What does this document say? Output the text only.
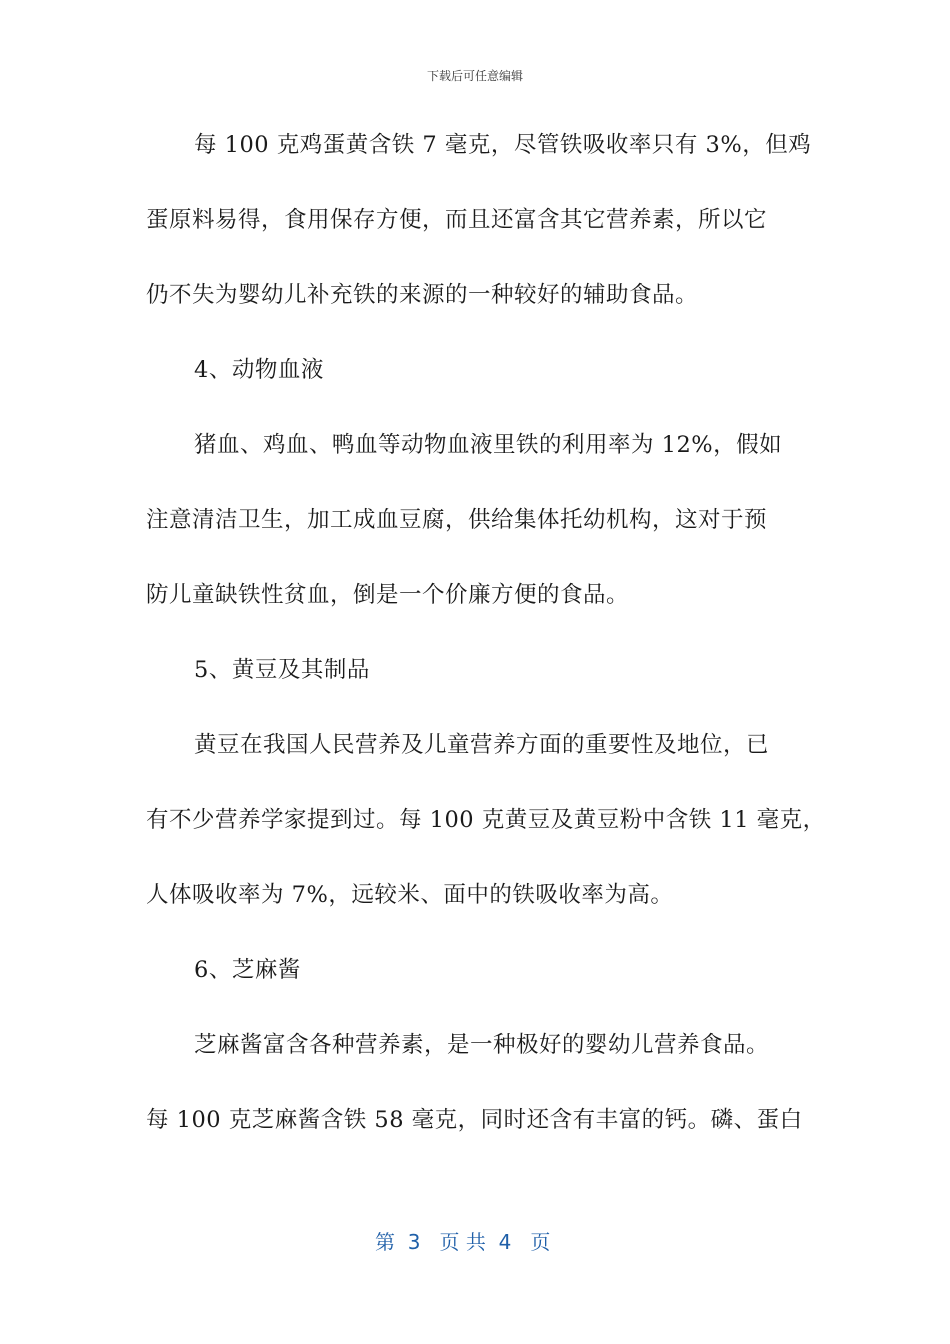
下载后可任意编辑
每 100 克鸡蛋黄含铁 7 毫克，尽管铁吸收率只有 3%，但鸡
蛋原料易得，食用保存方便，而且还富含其它营养素，所以它
仍不失为婴幼儿补充铁的来源的一种较好的辅助食品。
4、动物血液
猪血、鸡血、鸭血等动物血液里铁的利用率为 12%，假如
注意清洁卫生，加工成血豆腐，供给集体托幼机构，这对于预
防儿童缺铁性贫血，倒是一个价廉方便的食品。
5、黄豆及其制品
黄豆在我国人民营养及儿童营养方面的重要性及地位，已
有不少营养学家提到过。每 100 克黄豆及黄豆粉中含铁 11 毫克，
人体吸收率为 7%，远较米、面中的铁吸收率为高。
6、芝麻酱
芝麻酱富含各种营养素，是一种极好的婴幼儿营养食品。
每 100 克芝麻酱含铁 58 毫克，同时还含有丰富的钙。磷、蛋白
第  3   页 共  4   页
